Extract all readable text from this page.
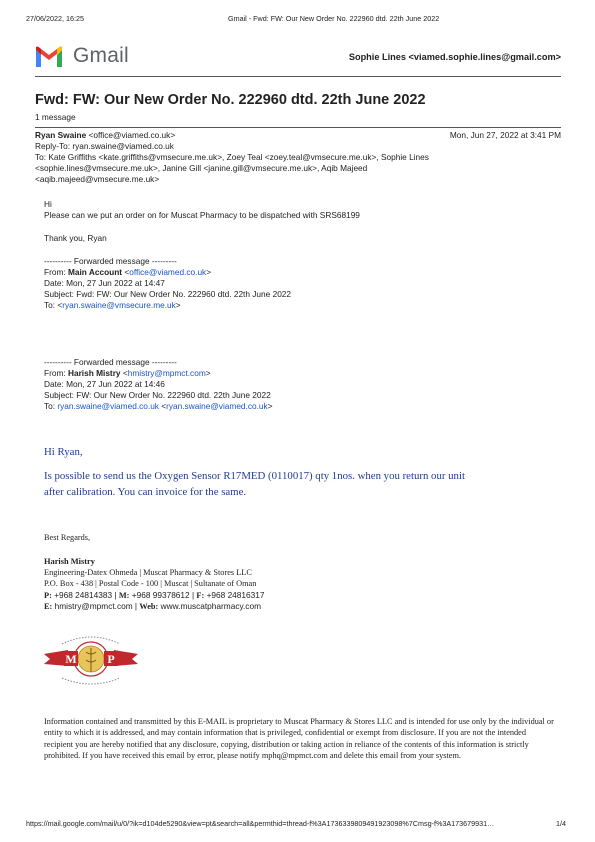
27/06/2022, 16:25	Gmail - Fwd: FW: Our New Order No. 222960 dtd. 22th June 2022
Gmail	Sophie Lines <viamed.sophie.lines@gmail.com>
Fwd: FW: Our New Order No. 222960 dtd. 22th June 2022
1 message
Ryan Swaine <office@viamed.co.uk>	Mon, Jun 27, 2022 at 3:41 PM
Reply-To: ryan.swaine@viamed.co.uk
To: Kate Griffiths <kate.griffiths@vmsecure.me.uk>, Zoey Teal <zoey.teal@vmsecure.me.uk>, Sophie Lines
<sophie.lines@vmsecure.me.uk>, Janine Gill <janine.gill@vmsecure.me.uk>, Aqib Majeed
<aqib.majeed@vmsecure.me.uk>
Hi
Please can we put an order on for Muscat Pharmacy to be dispatched with SRS68199
Thank you, Ryan
---------- Forwarded message ---------
From: Main Account <office@viamed.co.uk>
Date: Mon, 27 Jun 2022 at 14:47
Subject: Fwd: FW: Our New Order No. 222960 dtd. 22th June 2022
To: <ryan.swaine@vmsecure.me.uk>
---------- Forwarded message ---------
From: Harish Mistry <hmistry@mpmct.com>
Date: Mon, 27 Jun 2022 at 14:46
Subject: FW: Our New Order No. 222960 dtd. 22th June 2022
To: ryan.swaine@viamed.co.uk <ryan.swaine@viamed.co.uk>
Hi Ryan,
Is possible to send us the Oxygen Sensor R17MED (0110017) qty 1nos. when you return our unit
after calibration. You can invoice for the same.
Best Regards,
Harish Mistry
Engineering-Datex Ohmeda | Muscat Pharmacy & Stores LLC
P.O. Box - 438 | Postal Code - 100 | Muscat | Sultanate of Oman
P: +968 24814383 | M: +968 99378612 | F: +968 24816317
E: hmistry@mpmct.com | Web: www.muscatpharmacy.com
M	P
Information contained and transmitted by this E-MAIL is proprietary to Muscat Pharmacy & Stores LLC and is intended for use only by the individual or entity to which it is addressed, and may contain information that is privileged, confidential or exempt from disclosure. If you are not the intended recipient you are hereby notified that any disclosure, copying, distribution or taking action in reliance of the contents of this information is strictly prohibited. If you have received this email by error, please notify mphq@mpmct.com and delete this email from your system.
https://mail.google.com/mail/u/0/?ik=d104de5290&view=pt&search=all&permthid=thread-f%3A1736339809491923098%7Cmsg-f%3A173679931…	1/4
